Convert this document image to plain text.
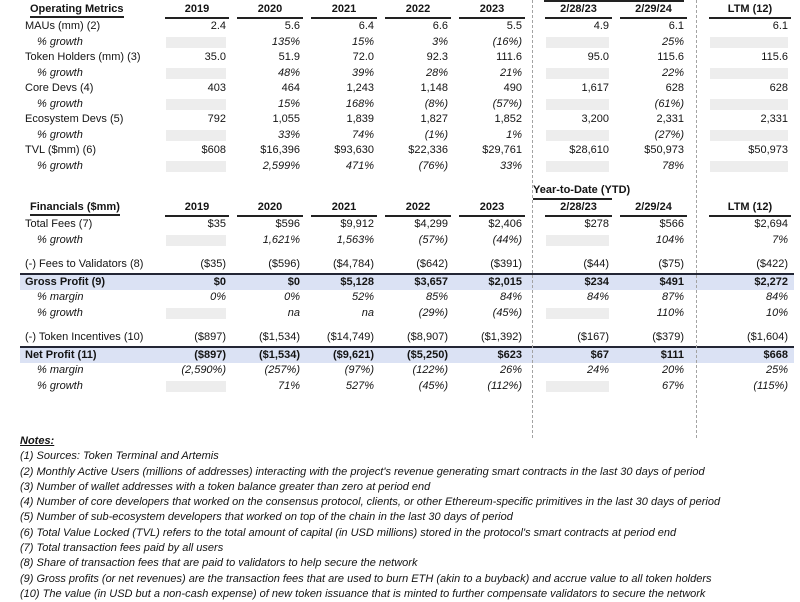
Operating Metrics	2019	2020	2021	2022	2023		2/28/23	2/29/24		LTM (12)

MAUs (mm) (2)	2.4	5.6	6.4	6.6	5.5		4.9	6.1		6.1
% growth		135%	15%	3%	(16%)			25%		

Token Holders (mm) (3)	35.0	51.9	72.0	92.3	111.6		95.0	115.6		115.6
% growth		48%	39%	28%	21%			22%		

Core Devs (4)	403	464	1,243	1,148	490		1,617	628		628
% growth		15%	168%	(8%)	(57%)			(61%)		

Ecosystem Devs (5)	792	1,055	1,839	1,827	1,852		3,200	2,331		2,331
% growth		33%	74%	(1%)	1%			(27%)		

TVL ($mm) (6)	$608	$16,396	$93,630	$22,336	$29,761		$28,610	$50,973		$50,973
% growth		2,599%	471%	(76%)	33%			78%		

						Year-to-Date (YTD)				

Financials ($mm)	2019	2020	2021	2022	2023		2/28/23	2/29/24		LTM (12)

Total Fees (7)	$35	$596	$9,912	$4,299	$2,406		$278	$566		$2,694
% growth		1,621%	1,563%	(57%)	(44%)			104%		7%

(-) Fees to Validators (8)	($35)	($596)	($4,784)	($642)	($391)		($44)	($75)		($422)
Gross Profit (9)	$0	$0	$5,128	$3,657	$2,015		$234	$491		$2,272
% margin	0%	0%	52%	85%	84%		84%	87%		84%
% growth		na	na	(29%)	(45%)			110%		10%

(-) Token Incentives (10)	($897)	($1,534)	($14,749)	($8,907)	($1,392)		($167)	($379)		($1,604)
Net Profit (11)	($897)	($1,534)	($9,621)	($5,250)	$623		$67	$111		$668
% margin	(2,590%)	(257%)	(97%)	(122%)	26%		24%	20%		25%
% growth		71%	527%	(45%)	(112%)			67%		(115%)
Notes:
(1) Sources: Token Terminal and Artemis
(2) Monthly Active Users (millions of addresses) interacting with the project's revenue generating smart contracts in the last 30 days of period
(3) Number of wallet addresses with a token balance greater than zero at period end
(4) Number of core developers that worked on the consensus protocol, clients, or other Ethereum-specific primitives in the last 30 days of period
(5) Number of sub-ecosystem developers that worked on top of the chain in the last 30 days of period
(6) Total Value Locked (TVL) refers to the total amount of capital (in USD millions) stored in the protocol's smart contracts at period end
(7) Total transaction fees paid by all users
(8) Share of transaction fees that are paid to validators to help secure the network
(9) Gross profits (or net revenues) are the transaction fees that are used to burn ETH (akin to a buyback) and accrue value to all token holders
(10) The value (in USD but a non-cash expense) of new token issuance that is minted to further compensate validators to secure the network
